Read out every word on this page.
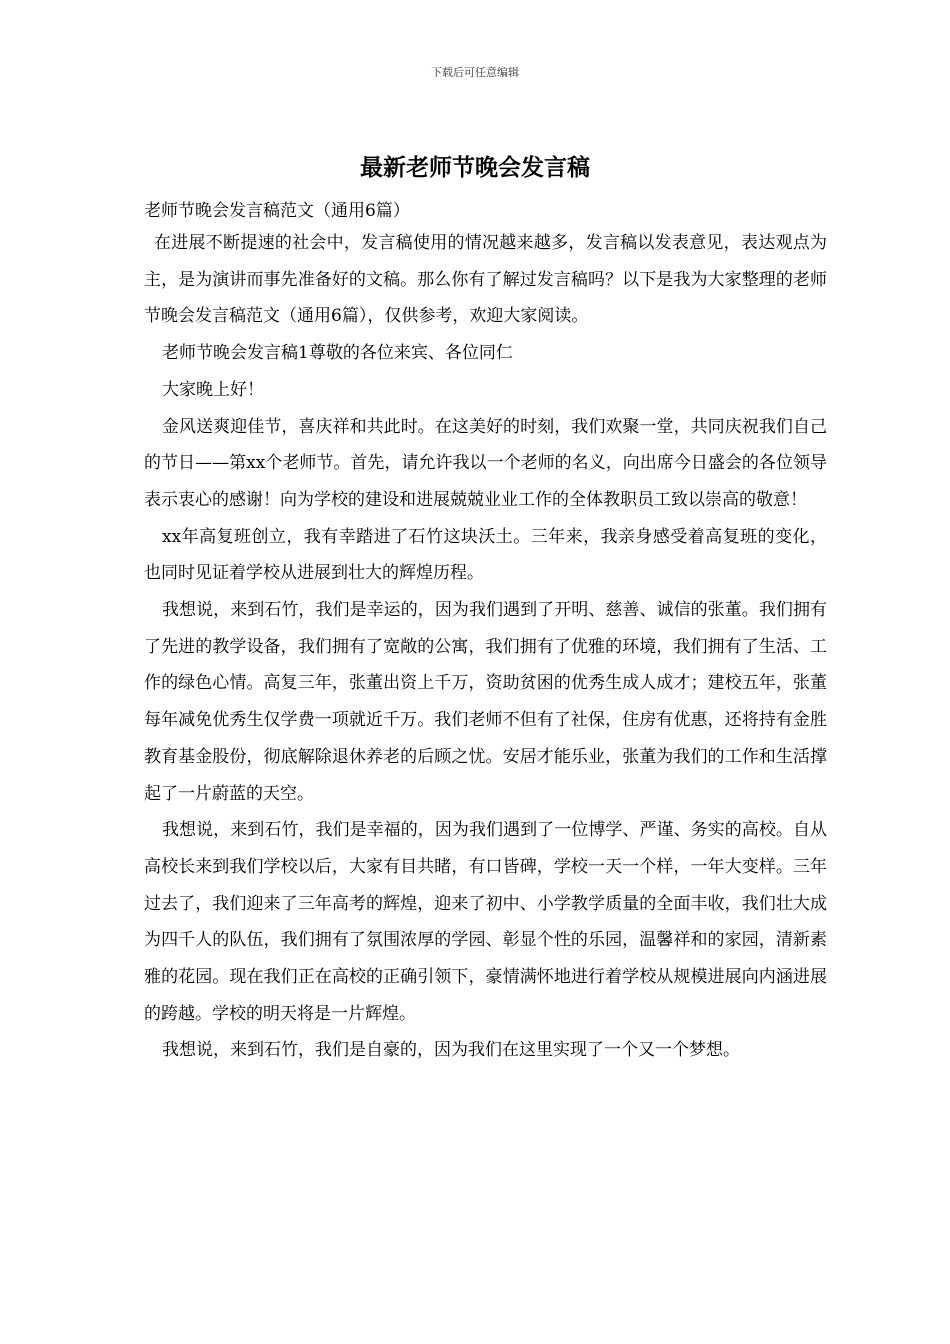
下载后可任意编辑
最新老师节晚会发言稿

老师节晚会发言稿范文（通用6篇）

在进展不断提速的社会中，发言稿使用的情况越来越多，发言稿以发表意见，表达观点为主，是为演讲而事先准备好的文稿。那么你有了解过发言稿吗？以下是我为大家整理的老师节晚会发言稿范文（通用6篇），仅供参考，欢迎大家阅读。

老师节晚会发言稿1尊敬的各位来宾、各位同仁

大家晚上好！

金风送爽迎佳节，喜庆祥和共此时。在这美好的时刻，我们欢聚一堂，共同庆祝我们自己的节日——第xx个老师节。首先，请允许我以一个老师的名义，向出席今日盛会的各位领导表示衷心的感谢！向为学校的建设和进展兢兢业业工作的全体教职员工致以崇高的敬意！

xx年高复班创立，我有幸踏进了石竹这块沃土。三年来，我亲身感受着高复班的变化，也同时见证着学校从进展到壮大的辉煌历程。

我想说，来到石竹，我们是幸运的，因为我们遇到了开明、慈善、诚信的张董。我们拥有了先进的教学设备，我们拥有了宽敞的公寓，我们拥有了优雅的环境，我们拥有了生活、工作的绿色心情。高复三年，张董出资上千万，资助贫困的优秀生成人成才；建校五年，张董每年减免优秀生仅学费一项就近千万。我们老师不但有了社保，住房有优惠，还将持有金胜教育基金股份，彻底解除退休养老的后顾之忧。安居才能乐业，张董为我们的工作和生活撑起了一片蔚蓝的天空。

我想说，来到石竹，我们是幸福的，因为我们遇到了一位博学、严谨、务实的高校。自从高校长来到我们学校以后，大家有目共睹，有口皆碑，学校一天一个样，一年大变样。三年过去了，我们迎来了三年高考的辉煌，迎来了初中、小学教学质量的全面丰收，我们壮大成为四千人的队伍，我们拥有了氛围浓厚的学园、彰显个性的乐园，温馨祥和的家园，清新素雅的花园。现在我们正在高校的正确引领下，豪情满怀地进行着学校从规模进展向内涵进展的跨越。学校的明天将是一片辉煌。

我想说，来到石竹，我们是自豪的，因为我们在这里实现了一个又一个梦想。
